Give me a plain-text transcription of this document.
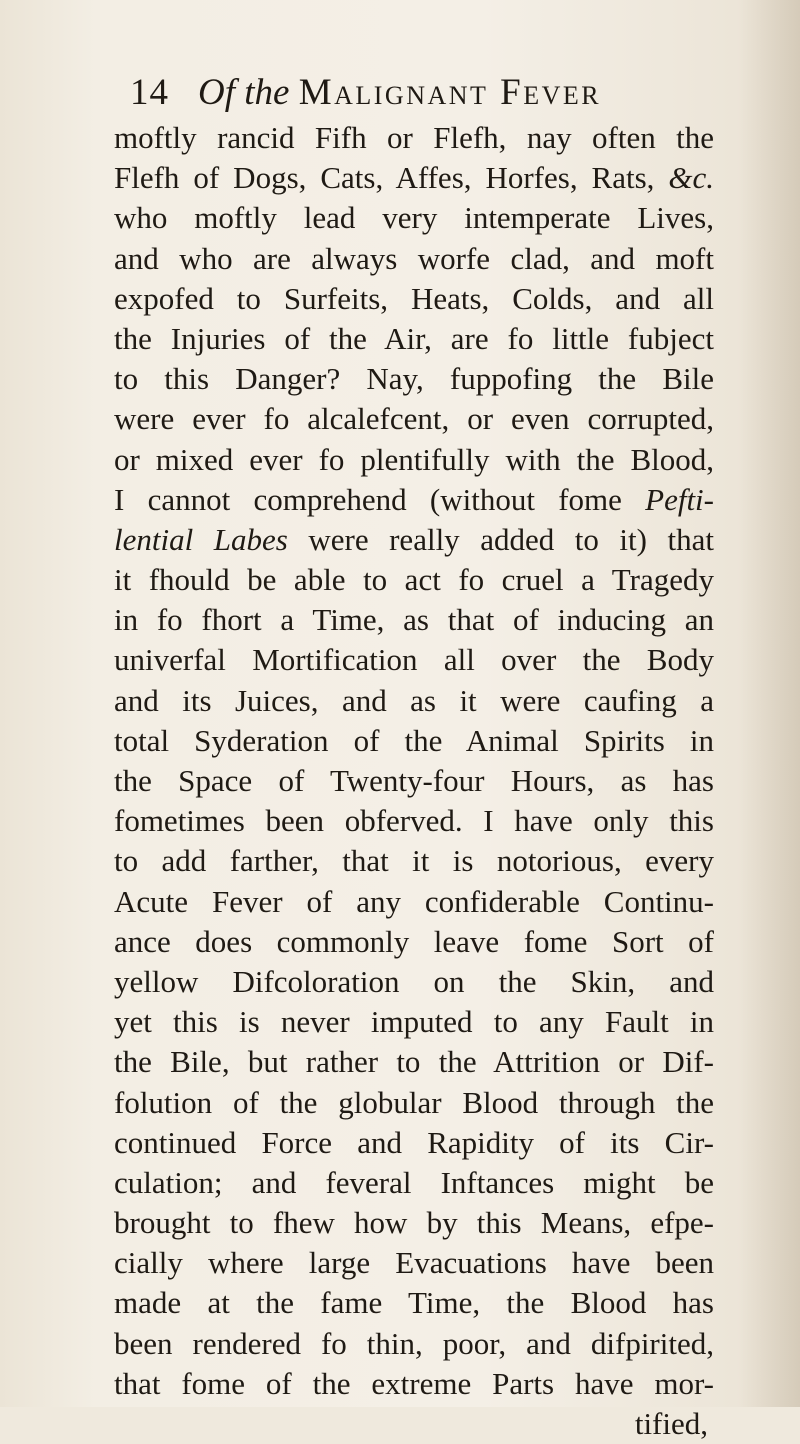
14 Of the Malignant Fever
moftly rancid Fifh or Flefh, nay often the
Flefh of Dogs, Cats, Affes, Horfes, Rats, &c.
who moftly lead very intemperate Lives,
and who are always worfe clad, and moft
expofed to Surfeits, Heats, Colds, and all
the Injuries of the Air, are fo little fubject
to this Danger? Nay, fuppofing the Bile
were ever fo alcalefcent, or even corrupted,
or mixed ever fo plentifully with the Blood,
I cannot comprehend (without fome Pefti-
lential Labes were really added to it) that
it fhould be able to act fo cruel a Tragedy
in fo fhort a Time, as that of inducing an
univerfal Mortification all over the Body
and its Juices, and as it were caufing a
total Syderation of the Animal Spirits in
the Space of Twenty-four Hours, as has
fometimes been obferved. I have only this
to add farther, that it is notorious, every
Acute Fever of any confiderable Continu-
ance does commonly leave fome Sort of
yellow Difcoloration on the Skin, and
yet this is never imputed to any Fault in
the Bile, but rather to the Attrition or Dif-
folution of the globular Blood through the
continued Force and Rapidity of its Cir-
culation; and feveral Inftances might be
brought to fhew how by this Means, efpe-
cially where large Evacuations have been
made at the fame Time, the Blood has
been rendered fo thin, poor, and difpirited,
that fome of the extreme Parts have mor-
tified,
